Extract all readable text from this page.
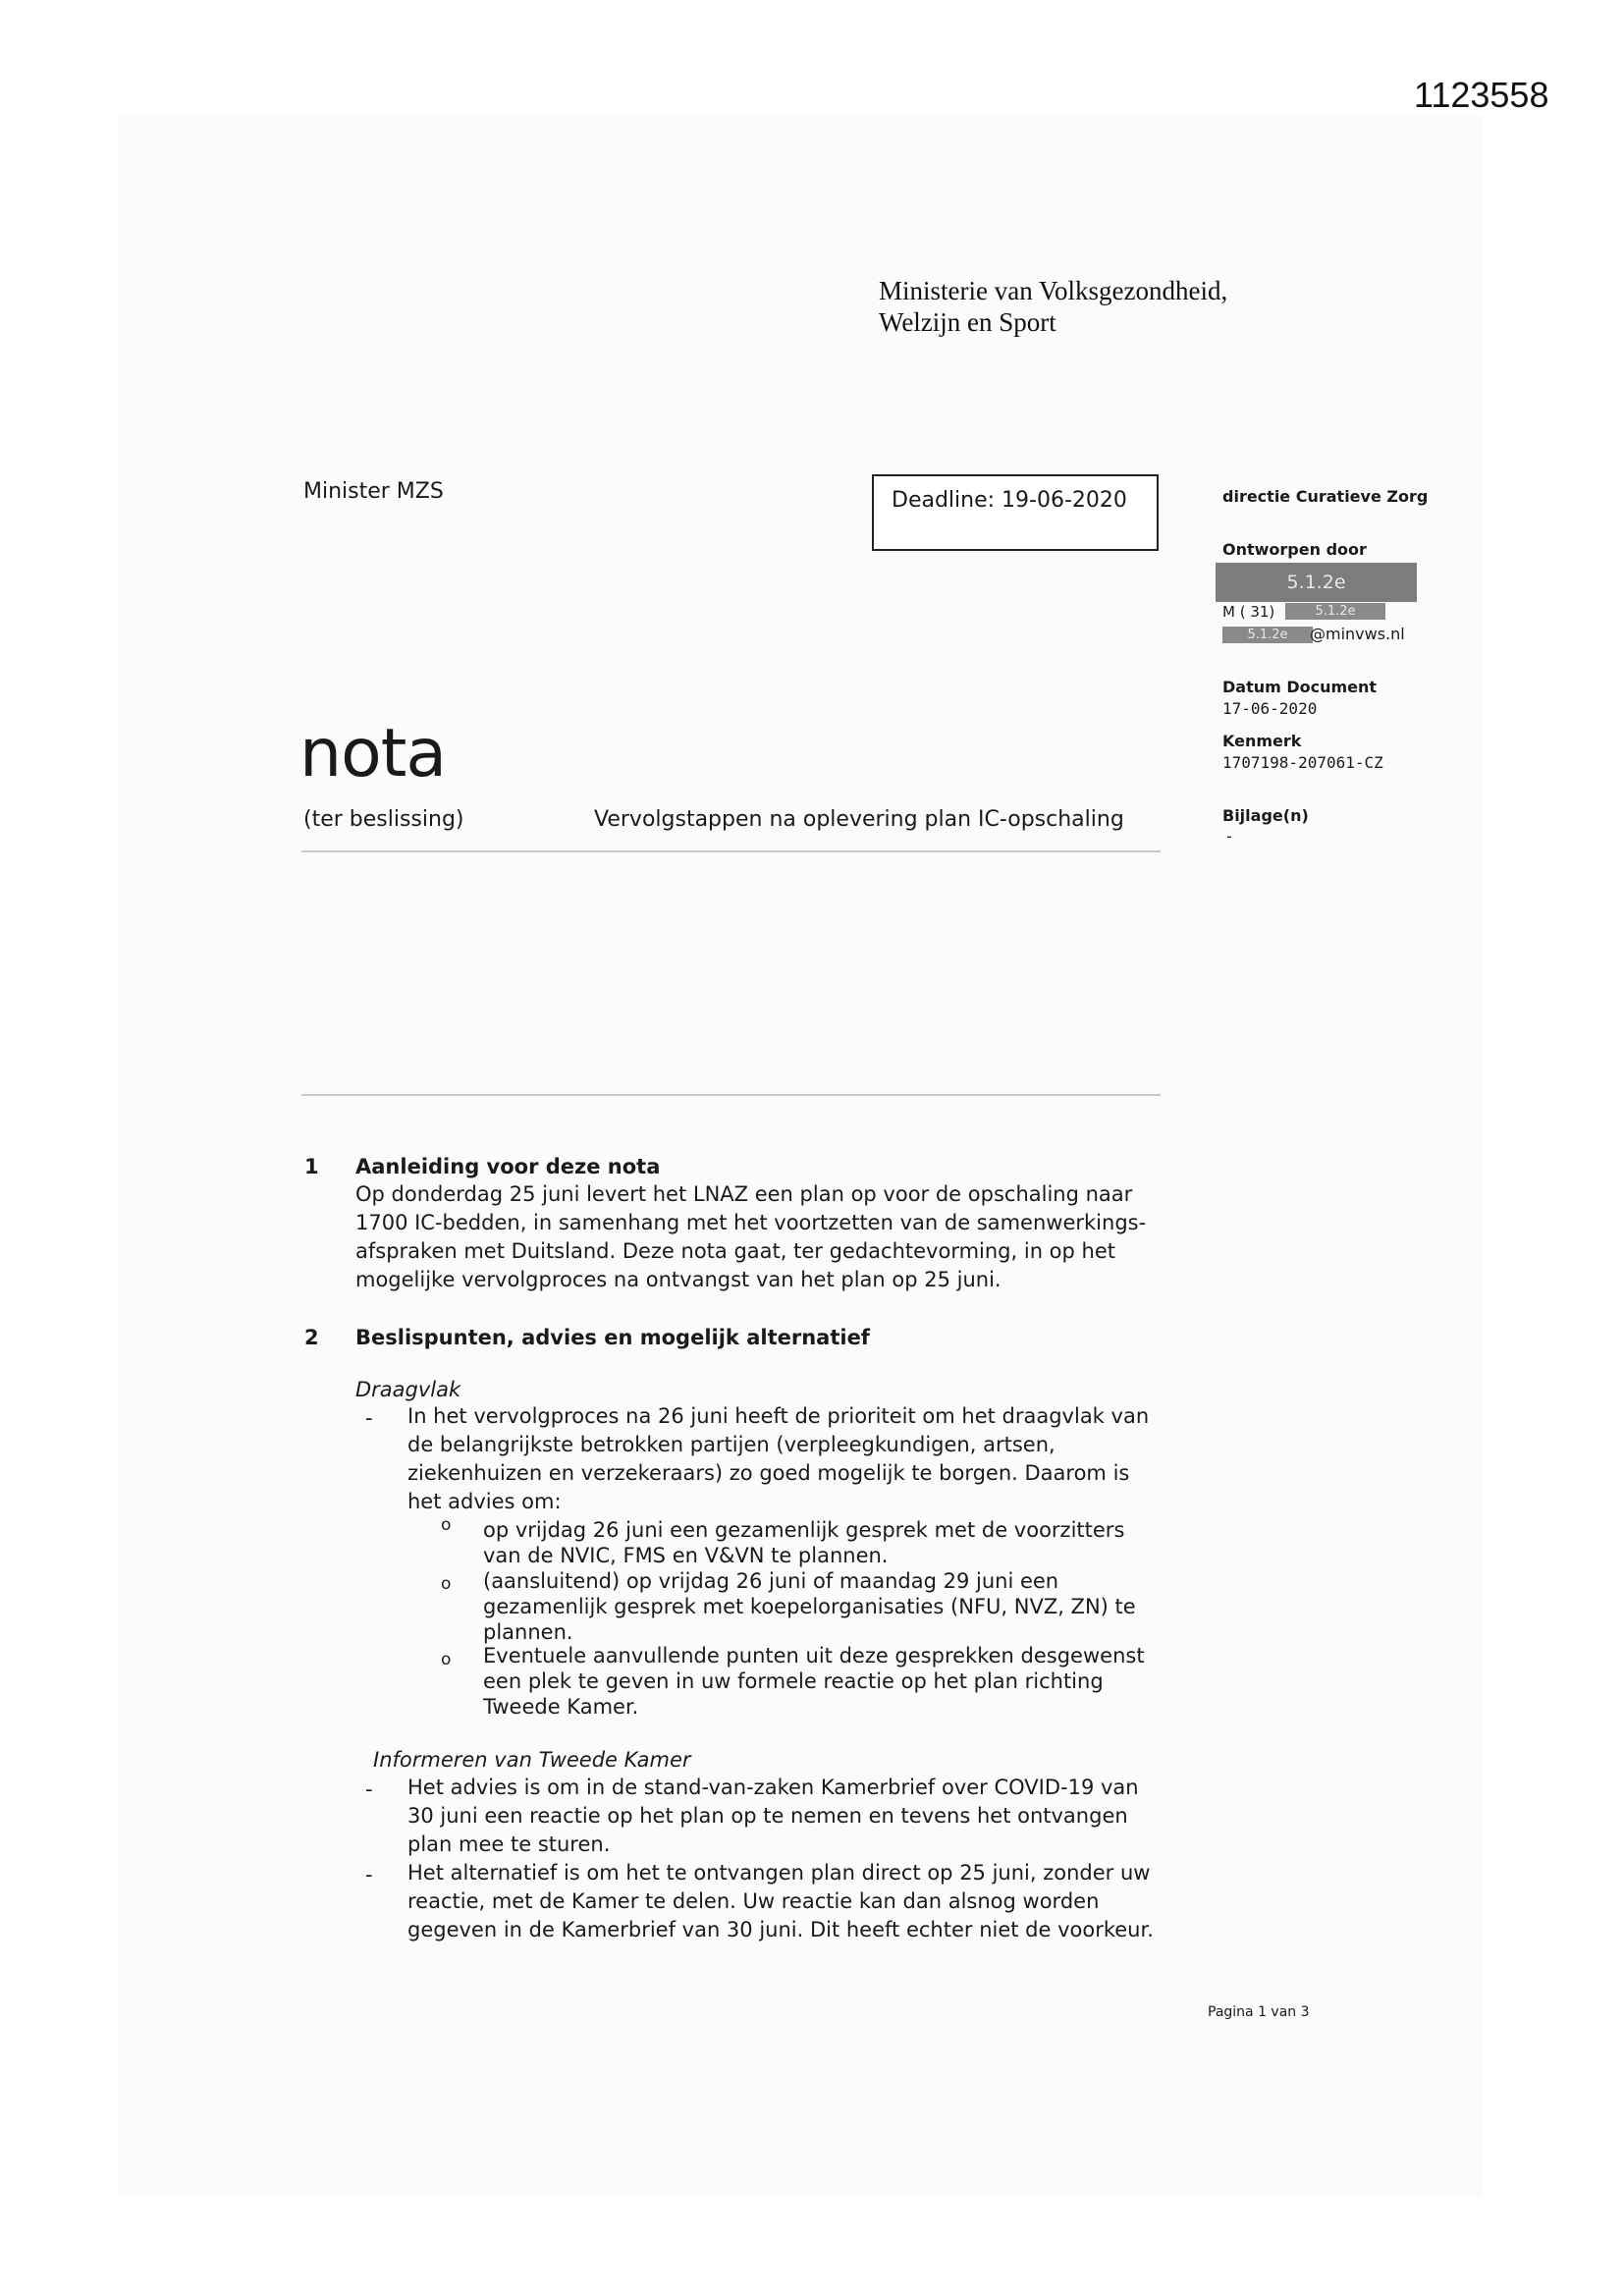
1123558
Ministerie van Volksgezondheid,
Welzijn en Sport
Minister MZS	Deadline: 19-06-2020	directie Curatieve Zorg
Ontworpen door
5.1.2e
M ( 31)	5.1.2e
5.1.2e	@minvws.nl
Datum Document
17-06-2020
Kenmerk
1707198-207061-CZ
Bijlage(n)
-
nota
(ter beslissing)	Vervolgstappen na oplevering plan IC-opschaling
1 Aanleiding voor deze nota
Op donderdag 25 juni levert het LNAZ een plan op voor de opschaling naar
1700 IC-bedden, in samenhang met het voortzetten van de samenwerkings-
afspraken met Duitsland. Deze nota gaat, ter gedachtevorming, in op het
mogelijke vervolgproces na ontvangst van het plan op 25 juni.
2 Beslispunten, advies en mogelijk alternatief
Draagvlak
- In het vervolgproces na 26 juni heeft de prioriteit om het draagvlak van
de belangrijkste betrokken partijen (verpleegkundigen, artsen,
ziekenhuizen en verzekeraars) zo goed mogelijk te borgen. Daarom is
het advies om:
o op vrijdag 26 juni een gezamenlijk gesprek met de voorzitters
van de NVIC, FMS en V&VN te plannen.
o (aansluitend) op vrijdag 26 juni of maandag 29 juni een
gezamenlijk gesprek met koepelorganisaties (NFU, NVZ, ZN) te
plannen.
o Eventuele aanvullende punten uit deze gesprekken desgewenst
een plek te geven in uw formele reactie op het plan richting
Tweede Kamer.
Informeren van Tweede Kamer
- Het advies is om in de stand-van-zaken Kamerbrief over COVID-19 van
30 juni een reactie op het plan op te nemen en tevens het ontvangen
plan mee te sturen.
- Het alternatief is om het te ontvangen plan direct op 25 juni, zonder uw
reactie, met de Kamer te delen. Uw reactie kan dan alsnog worden
gegeven in de Kamerbrief van 30 juni. Dit heeft echter niet de voorkeur.
Pagina 1 van 3
